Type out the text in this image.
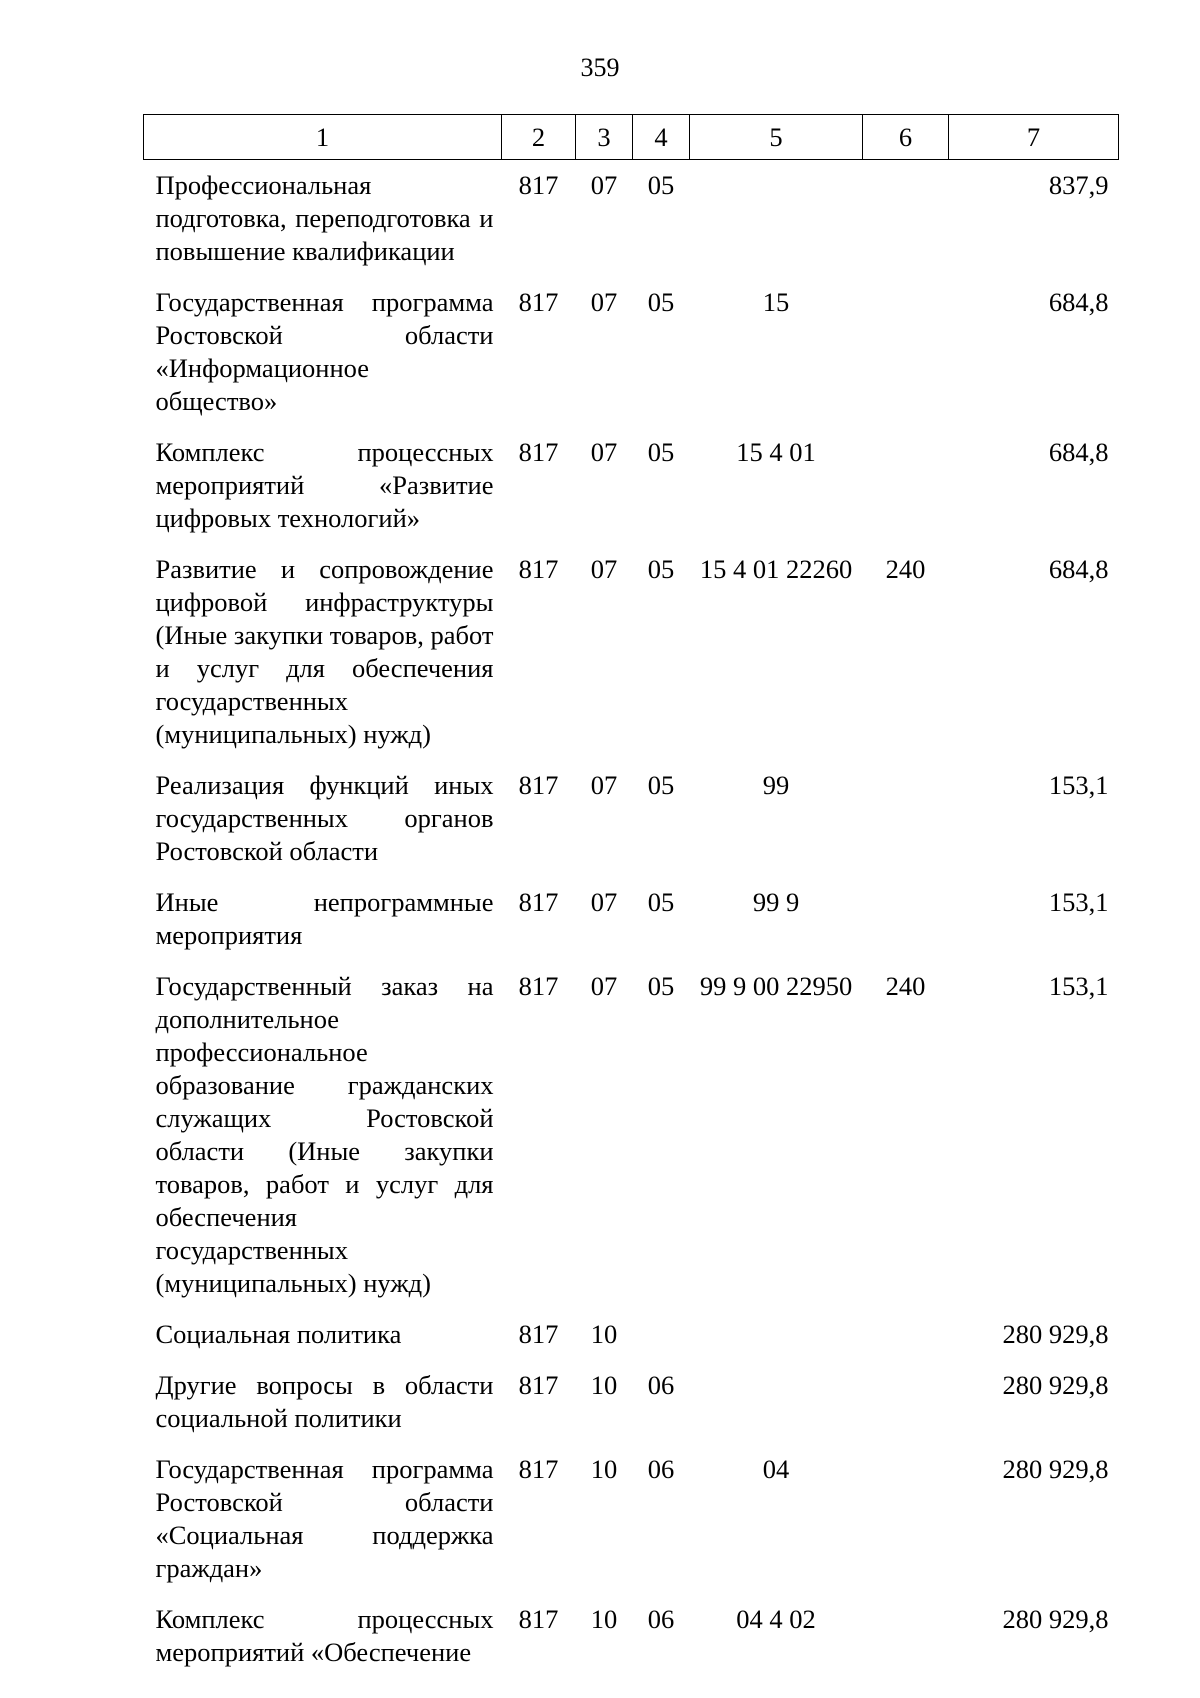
359
1	2	3	4	5	6	7
Профессиональная подготовка, переподготовка и повышение квалификации	817	07	05			837,9
Государственная программа Ростовской области «Информационное общество»	817	07	05	15		684,8
Комплекс процессных мероприятий «Развитие цифровых технологий»	817	07	05	15 4 01		684,8
Развитие и сопровождение цифровой инфраструктуры (Иные закупки товаров, работ и услуг для обеспечения государственных (муниципальных) нужд)	817	07	05	15 4 01 22260	240	684,8
Реализация функций иных государственных органов Ростовской области	817	07	05	99		153,1
Иные непрограммные мероприятия	817	07	05	99 9		153,1
Государственный заказ на дополнительное профессиональное образование гражданских служащих Ростовской области (Иные закупки товаров, работ и услуг для обеспечения государственных (муниципальных) нужд)	817	07	05	99 9 00 22950	240	153,1
Социальная политика	817	10				280 929,8
Другие вопросы в области социальной политики	817	10	06			280 929,8
Государственная программа Ростовской области «Социальная поддержка граждан»	817	10	06	04		280 929,8
Комплекс процессных мероприятий «Обеспечение	817	10	06	04 4 02		280 929,8
